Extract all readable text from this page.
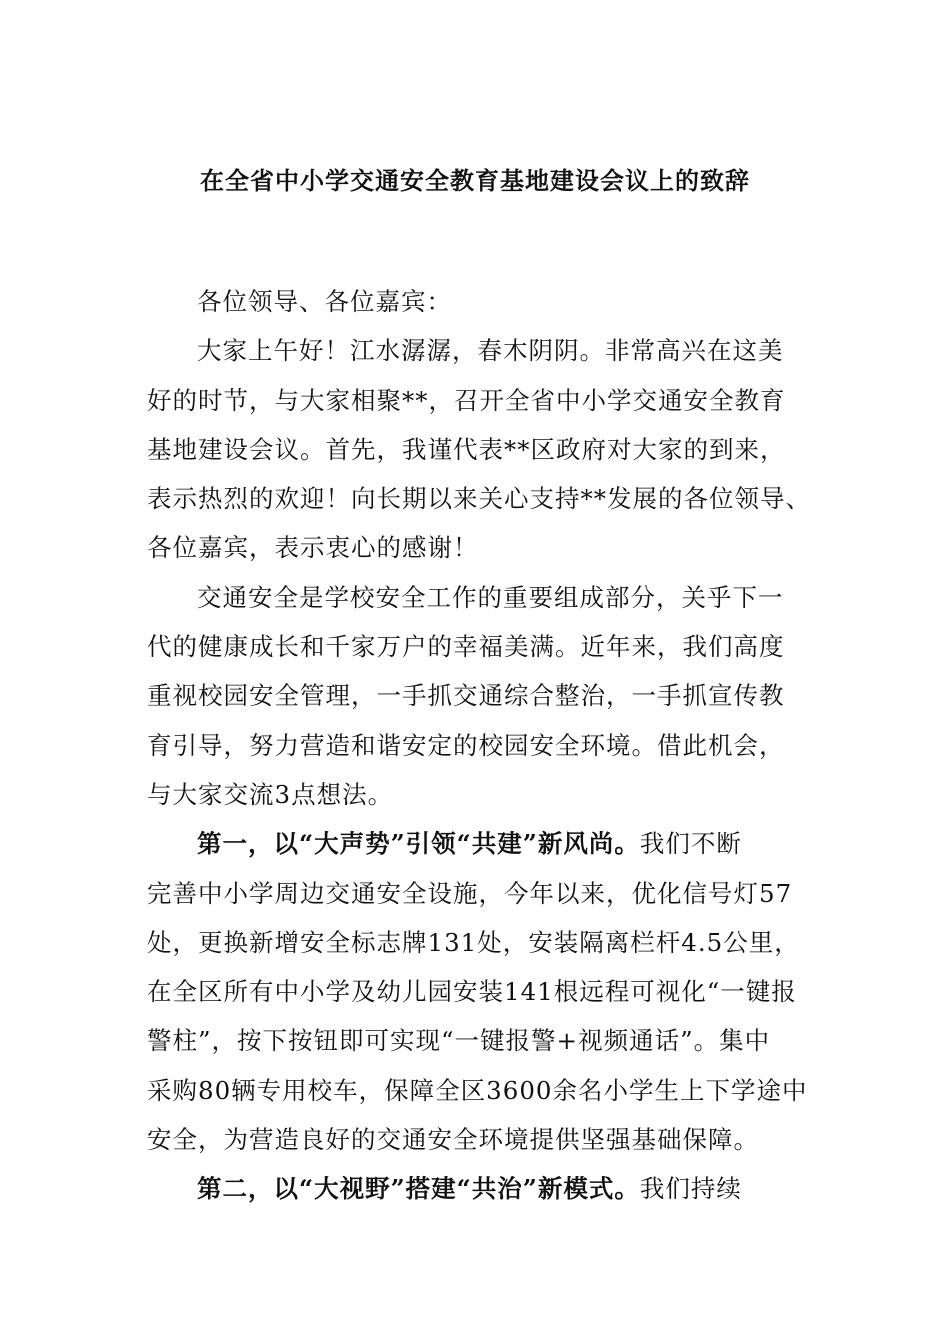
在全省中小学交通安全教育基地建设会议上的致辞
各位领导、各位嘉宾：
大家上午好！江水潺潺，春木阴阴。非常高兴在这美
好的时节，与大家相聚**，召开全省中小学交通安全教育
基地建设会议。首先，我谨代表**区政府对大家的到来，
表示热烈的欢迎！向长期以来关心支持**发展的各位领导、
各位嘉宾，表示衷心的感谢！
交通安全是学校安全工作的重要组成部分，关乎下一
代的健康成长和千家万户的幸福美满。近年来，我们高度
重视校园安全管理，一手抓交通综合整治，一手抓宣传教
育引导，努力营造和谐安定的校园安全环境。借此机会，
与大家交流3点想法。
第一，以“大声势”引领“共建”新风尚。我们不断
完善中小学周边交通安全设施，今年以来，优化信号灯57
处，更换新增安全标志牌131处，安装隔离栏杆4.5公里，
在全区所有中小学及幼儿园安装141根远程可视化“一键报
警柱”，按下按钮即可实现“一键报警+视频通话”。集中
采购80辆专用校车，保障全区3600余名小学生上下学途中
安全，为营造良好的交通安全环境提供坚强基础保障。
第二，以“大视野”搭建“共治”新模式。我们持续
